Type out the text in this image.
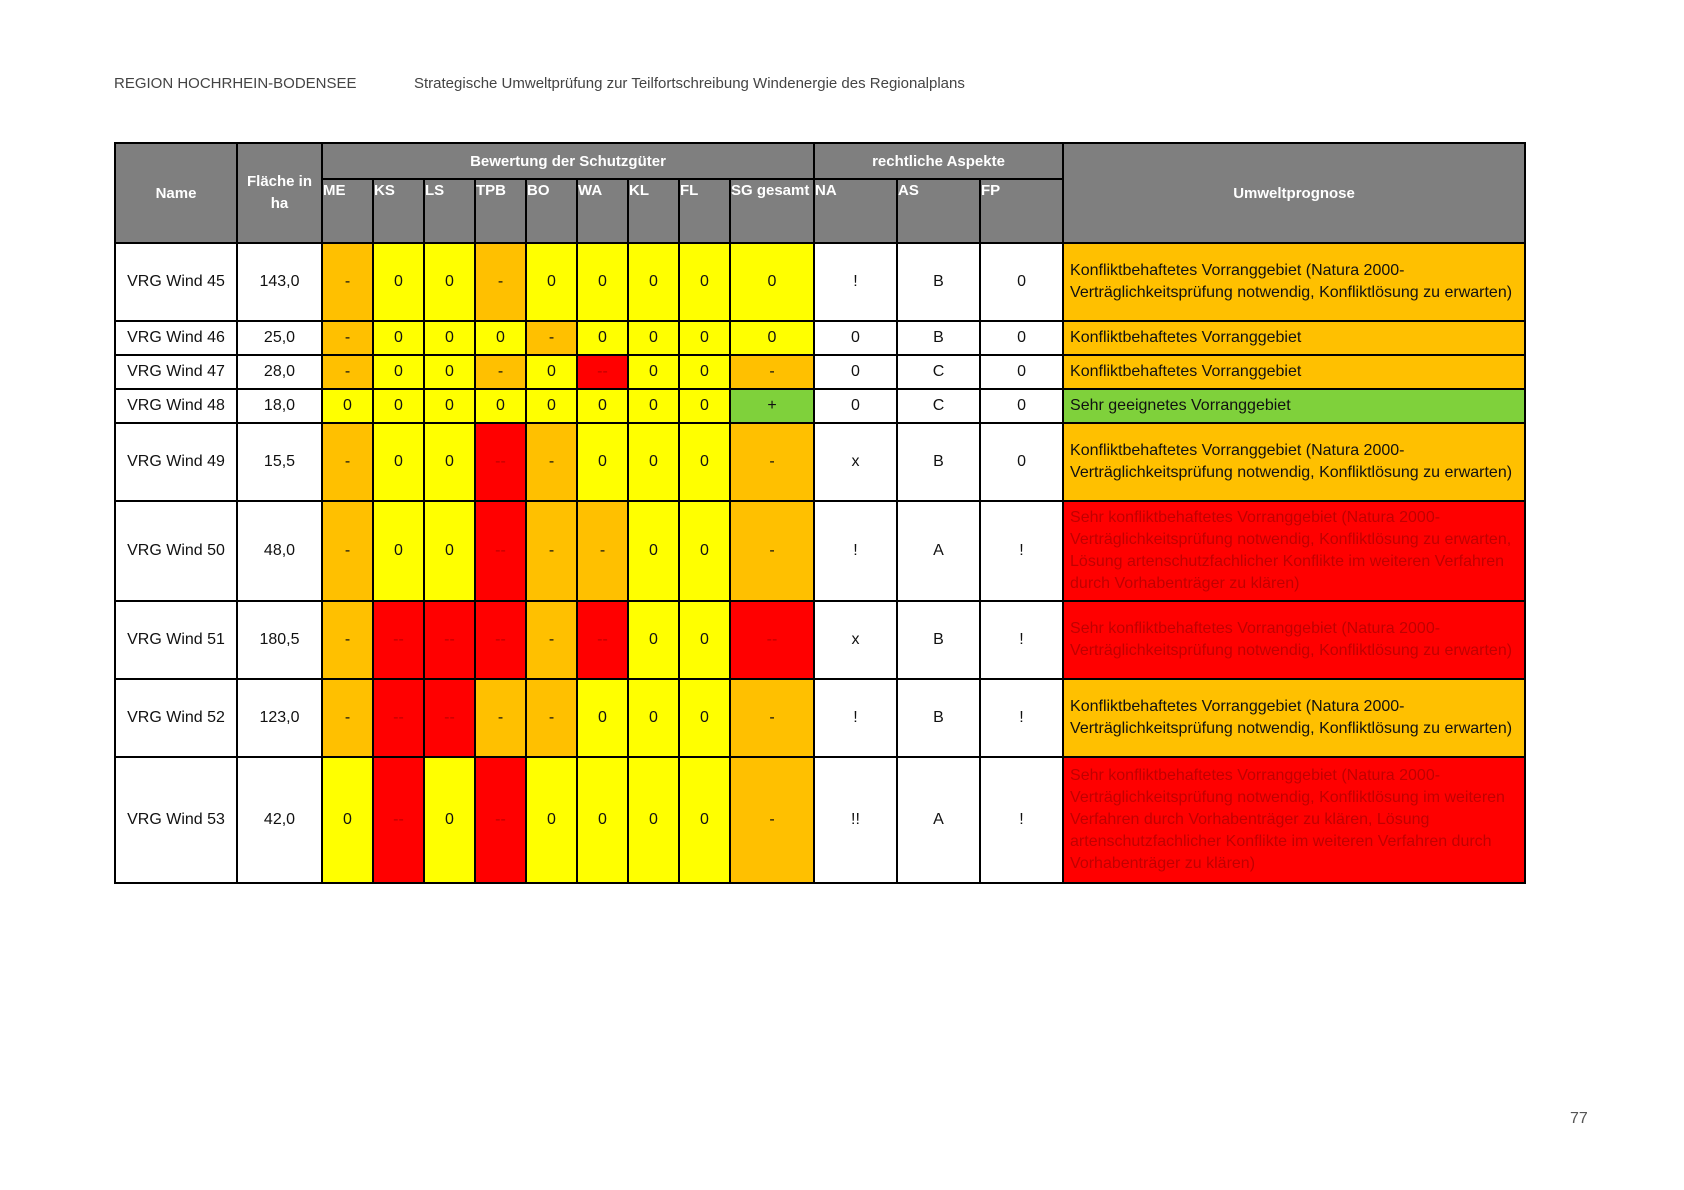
REGION HOCHRHEIN-BODENSEE	Strategische Umweltprüfung zur Teilfortschreibung Windenergie des Regionalplans
Name	Fläche in ha	Bewertung der Schutzgüter									rechtliche Aspekte			Umweltprognose
		ME	KS	LS	TPB	BO	WA	KL	FL	SG gesamt	NA	AS	FP	
VRG Wind 45	143,0	-	0	0	-	0	0	0	0	0	!	B	0	Konfliktbehaftetes Vorranggebiet (Natura 2000-Verträglichkeitsprüfung notwendig, Konfliktlösung zu erwarten)
VRG Wind 46	25,0	-	0	0	0	-	0	0	0	0	0	B	0	Konfliktbehaftetes Vorranggebiet
VRG Wind 47	28,0	-	0	0	-	0	--	0	0	-	0	C	0	Konfliktbehaftetes Vorranggebiet
VRG Wind 48	18,0	0	0	0	0	0	0	0	0	+	0	C	0	Sehr geeignetes Vorranggebiet
VRG Wind 49	15,5	-	0	0	--	-	0	0	0	-	x	B	0	Konfliktbehaftetes Vorranggebiet (Natura 2000-Verträglichkeitsprüfung notwendig, Konfliktlösung zu erwarten)
VRG Wind 50	48,0	-	0	0	--	-	-	0	0	-	!	A	!	Sehr konfliktbehaftetes Vorranggebiet (Natura 2000-Verträglichkeitsprüfung notwendig, Konfliktlösung zu erwarten, Lösung artenschutzfachlicher Konflikte im weiteren Verfahren durch Vorhabenträger zu klären)
VRG Wind 51	180,5	-	--	--	--	-	--	0	0	--	x	B	!	Sehr konfliktbehaftetes Vorranggebiet (Natura 2000-Verträglichkeitsprüfung notwendig, Konfliktlösung zu erwarten)
VRG Wind 52	123,0	-	--	--	-	-	0	0	0	-	!	B	!	Konfliktbehaftetes Vorranggebiet (Natura 2000-Verträglichkeitsprüfung notwendig, Konfliktlösung zu erwarten)
VRG Wind 53	42,0	0	--	0	--	0	0	0	0	-	!!	A	!	Sehr konfliktbehaftetes Vorranggebiet (Natura 2000-Verträglichkeitsprüfung notwendig, Konfliktlösung im weiteren Verfahren durch Vorhabenträger zu klären, Lösung artenschutzfachlicher Konflikte im weiteren Verfahren durch Vorhabenträger zu klären)
77
